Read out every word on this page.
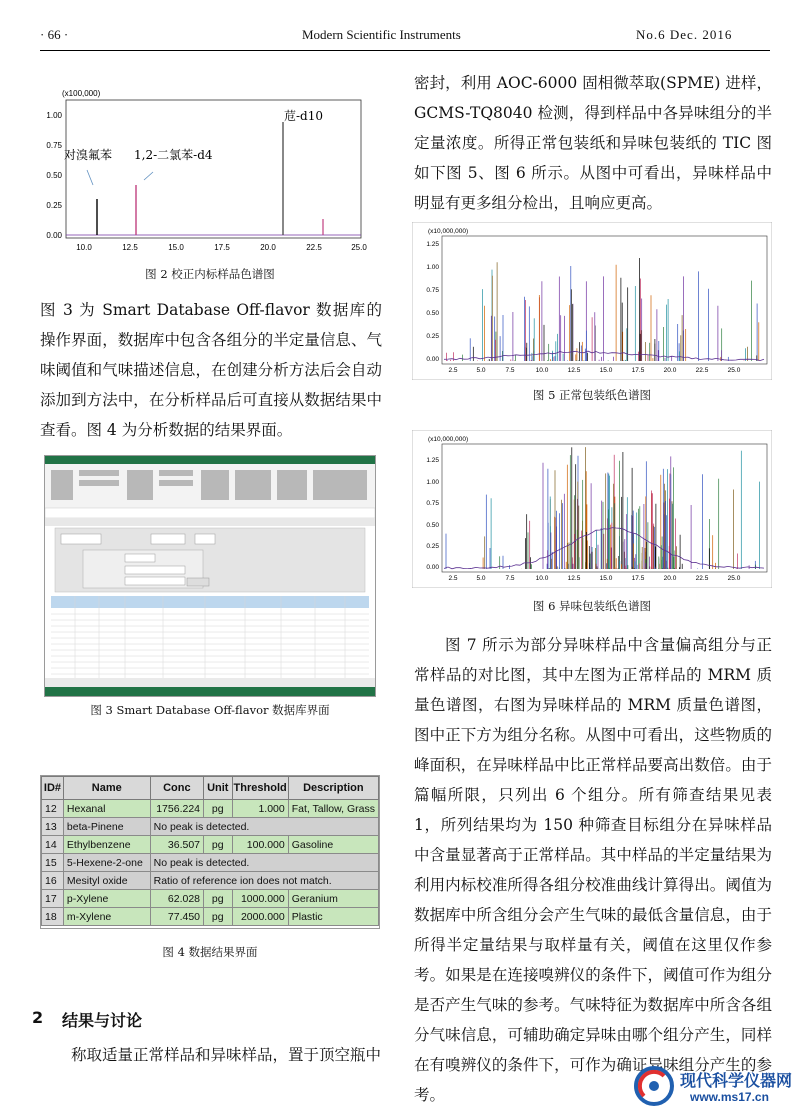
· 66 ·	Modern Scientific Instruments	No.6 Dec. 2016
(x100,000)
1.00
0.75
0.50
0.25
0.00
10.0	12.5	15.0	17.5	20.0	22.5	25.0
对溴氟苯 1,2-二氯苯-d4
苊-d10
图 2 校正内标样品色谱图
图 3 为 Smart Database Off-flavor 数据库的操作界面，数据库中包含各组分的半定量信息、气味阈值和气味描述信息，在创建分析方法后会自动添加到方法中，在分析样品后可直接从数据结果中查看。图 4 为分析数据的结果界面。
图 3 Smart Database Off-flavor 数据库界面
ID#	Name	Conc	Unit	Threshold	Description
12	Hexanal	1756.224	pg	1.000	Fat, Tallow, Grass
13	beta-Pinene	No peak is detected.			
14	Ethylbenzene	36.507	pg	100.000	Gasoline
15	5-Hexene-2-one	No peak is detected.			
16	Mesityl oxide	Ratio of reference ion does not match.			
17	p-Xylene	62.028	pg	1000.000	Geranium
18	m-Xylene	77.450	pg	2000.000	Plastic
图 4 数据结果界面
2 结果与讨论
称取适量正常样品和异味样品，置于顶空瓶中
密封，利用 AOC-6000 固相微萃取(SPME) 进样，GCMS-TQ8040 检测，得到样品中各异味组分的半定量浓度。所得正常包装纸和异味包装纸的 TIC 图如下图 5、图 6 所示。从图中可看出，异味样品中明显有更多组分检出，且响应更高。
(x10,000,000)
1.25
1.00
0.75
0.50
0.25
0.00
2.5	5.0	7.5	10.0	12.5	15.0	17.5	20.0	22.5	25.0
图 5 正常包装纸色谱图
(x10,000,000)
1.25
1.00
0.75
0.50
0.25
0.00
2.5	5.0	7.5	10.0	12.5	15.0	17.5	20.0	22.5	25.0
图 6 异味包装纸色谱图
图 7 所示为部分异味样品中含量偏高组分与正常样品的对比图，其中左图为正常样品的 MRM 质量色谱图，右图为异味样品的 MRM 质量色谱图，图中正下方为组分名称。从图中可看出，这些物质的峰面积，在异味样品中比正常样品要高出数倍。由于篇幅所限，只列出 6 个组分。所有筛查结果见表 1，所列结果均为 150 种筛查目标组分在异味样品中含量显著高于正常样品。其中样品的半定量结果为利用内标校准所得各组分校准曲线计算得出。阈值为数据库中所含组分会产生气味的最低含量信息，由于所得半定量结果与取样量有关，阈值在这里仅作参考。如果是在连接嗅辨仪的条件下，阈值可作为组分是否产生气味的参考。气味特征为数据库中所含各组分气味信息，可辅助确定异味由哪个组分产生，同样在有嗅辨仪的条件下，可作为确证异味组分产生的参考。
现代科学仪器网
www.ms17.cn
